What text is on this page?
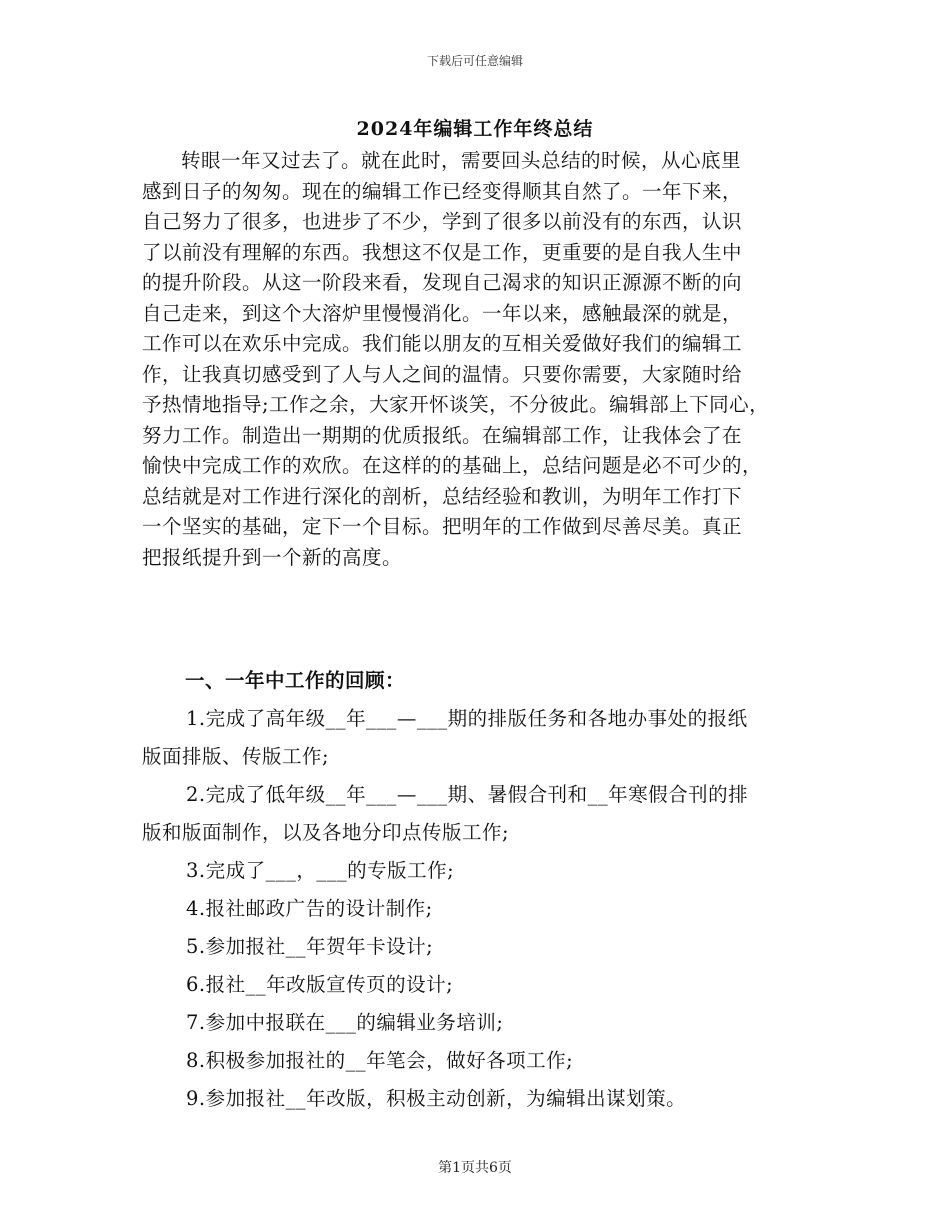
下载后可任意编辑
2024年编辑工作年终总结
转眼一年又过去了。就在此时，需要回头总结的时候，从心底里
感到日子的匆匆。现在的编辑工作已经变得顺其自然了。一年下来，
自己努力了很多，也进步了不少，学到了很多以前没有的东西，认识
了以前没有理解的东西。我想这不仅是工作，更重要的是自我人生中
的提升阶段。从这一阶段来看，发现自己渴求的知识正源源不断的向
自己走来，到这个大溶炉里慢慢消化。一年以来，感触最深的就是，
工作可以在欢乐中完成。我们能以朋友的互相关爱做好我们的编辑工
作，让我真切感受到了人与人之间的温情。只要你需要，大家随时给
予热情地指导;工作之余，大家开怀谈笑，不分彼此。编辑部上下同心，
努力工作。制造出一期期的优质报纸。在编辑部工作，让我体会了在
愉快中完成工作的欢欣。在这样的的基础上，总结问题是必不可少的，
总结就是对工作进行深化的剖析，总结经验和教训，为明年工作打下
一个坚实的基础，定下一个目标。把明年的工作做到尽善尽美。真正
把报纸提升到一个新的高度。
一、一年中工作的回顾：
1.完成了高年级__年___—___期的排版任务和各地办事处的报纸
版面排版、传版工作;
2.完成了低年级__年___—___期、暑假合刊和__年寒假合刊的排
版和版面制作，以及各地分印点传版工作;
3.完成了___，___的专版工作;
4.报社邮政广告的设计制作;
5.参加报社__年贺年卡设计;
6.报社__年改版宣传页的设计;
7.参加中报联在___的编辑业务培训;
8.积极参加报社的__年笔会，做好各项工作;
9.参加报社__年改版，积极主动创新，为编辑出谋划策。
第1页共6页
